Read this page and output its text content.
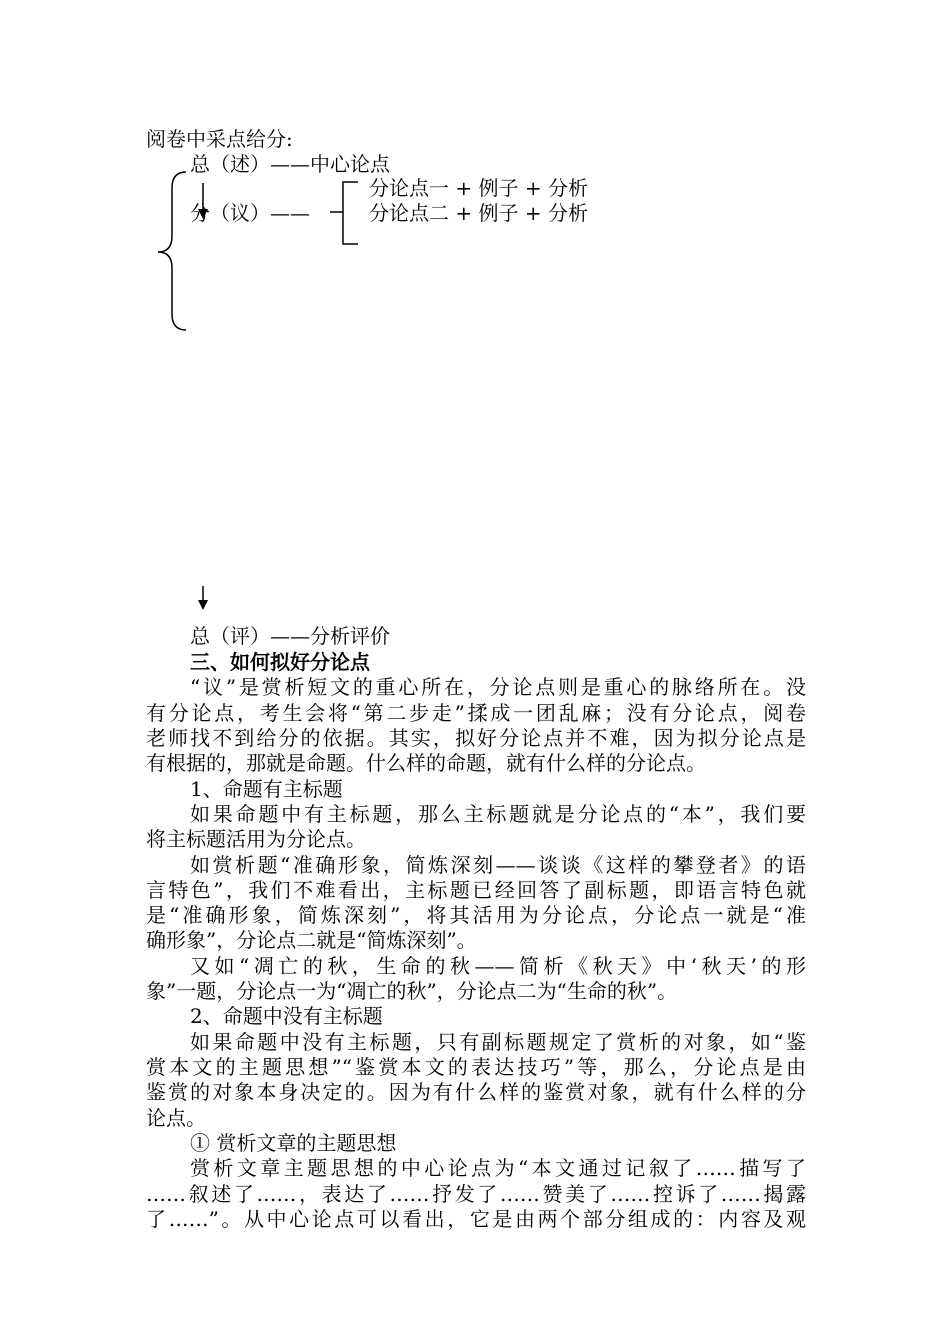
阅卷中采点给分:
总（述）——中心论点
分（议）——
分论点一 + 例子 + 分析
分论点二 + 例子 + 分析
总（评）——分析评价
三、如何拟好分论点
“议”是赏析短文的重心所在，分论点则是重心的脉络所在。没
有分论点，考生会将“第二步走”揉成一团乱麻；没有分论点，阅卷
老师找不到给分的依据。其实，拟好分论点并不难，因为拟分论点是
有根据的，那就是命题。什么样的命题，就有什么样的分论点。
1、命题有主标题
如果命题中有主标题，那么主标题就是分论点的“本”，我们要
将主标题活用为分论点。
如赏析题“准确形象，简炼深刻——谈谈《这样的攀登者》的语
言特色”，我们不难看出，主标题已经回答了副标题，即语言特色就
是“准确形象，简炼深刻”，将其活用为分论点，分论点一就是“准
确形象”，分论点二就是“简炼深刻”。
又如“凋亡的秋，生命的秋——简析《秋天》中‘秋天’的形
象”一题，分论点一为“凋亡的秋”，分论点二为“生命的秋”。
2、命题中没有主标题
如果命题中没有主标题，只有副标题规定了赏析的对象，如“鉴
赏本文的主题思想”“鉴赏本文的表达技巧”等，那么，分论点是由
鉴赏的对象本身决定的。因为有什么样的鉴赏对象，就有什么样的分
论点。
① 赏析文章的主题思想
赏析文章主题思想的中心论点为“本文通过记叙了……描写了
……叙述了……，表达了……抒发了……赞美了……控诉了……揭露
了……”。从中心论点可以看出，它是由两个部分组成的：内容及观
